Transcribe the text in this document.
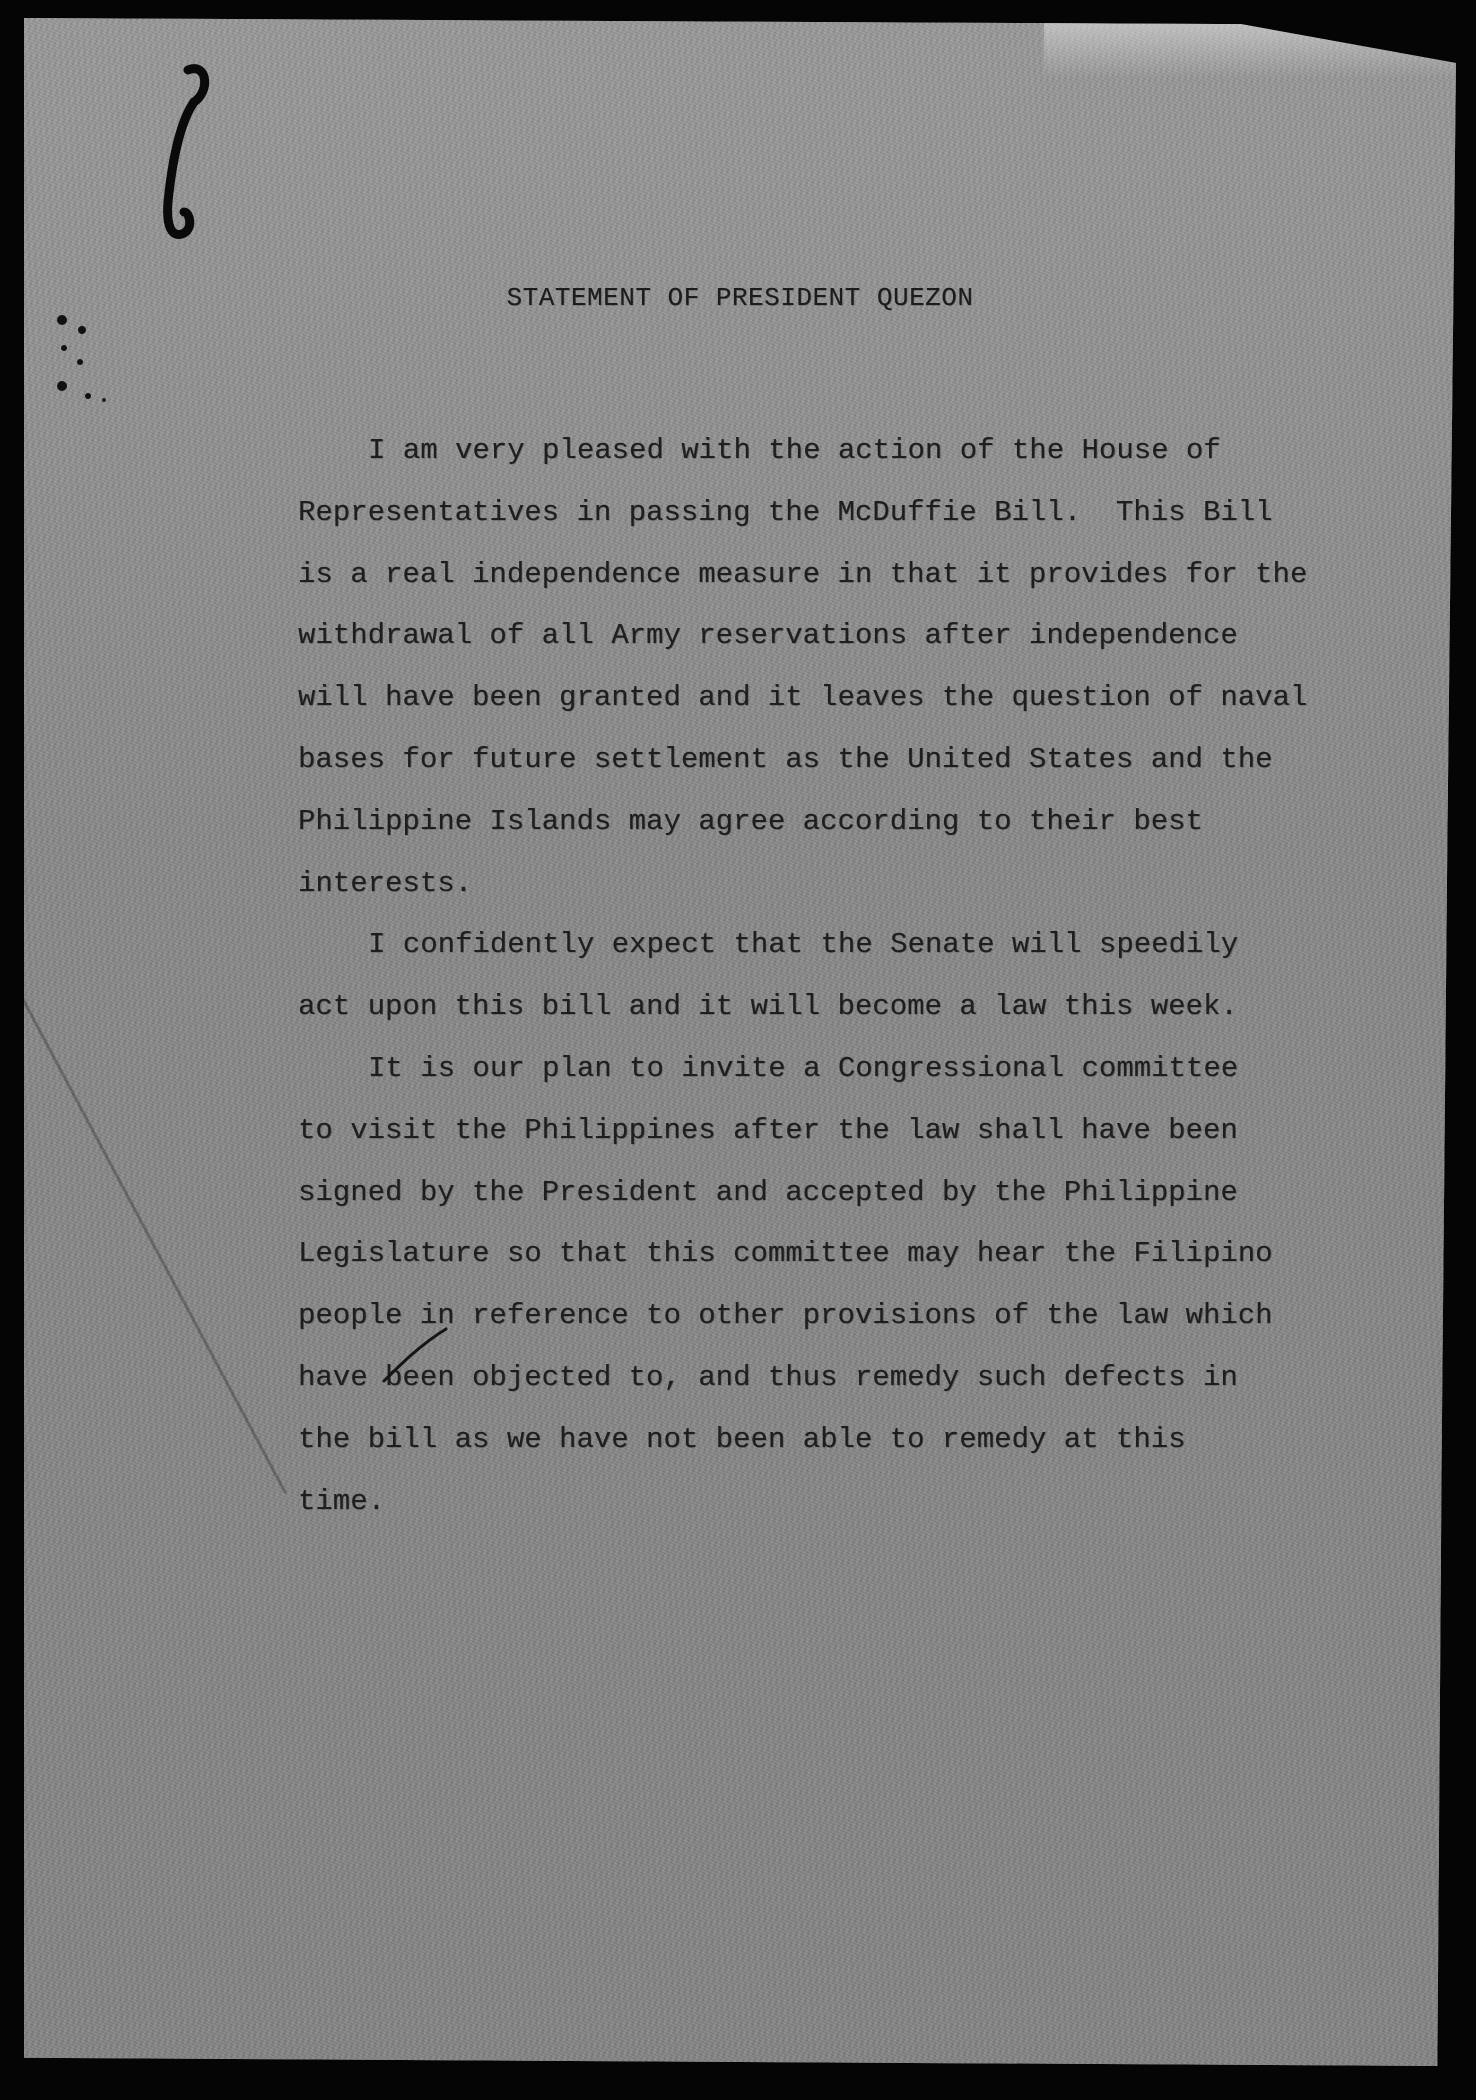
STATEMENT OF PRESIDENT QUEZON
I am very pleased with the action of the House of
Representatives in passing the McDuffie Bill.  This Bill
is a real independence measure in that it provides for the
withdrawal of all Army reservations after independence
will have been granted and it leaves the question of naval
bases for future settlement as the United States and the
Philippine Islands may agree according to their best
interests.
I confidently expect that the Senate will speedily
act upon this bill and it will become a law this week.
It is our plan to invite a Congressional committee
to visit the Philippines after the law shall have been
signed by the President and accepted by the Philippine
Legislature so that this committee may hear the Filipino
people in reference to other provisions of the law which
have been objected to, and thus remedy such defects in
the bill as we have not been able to remedy at this
time.
